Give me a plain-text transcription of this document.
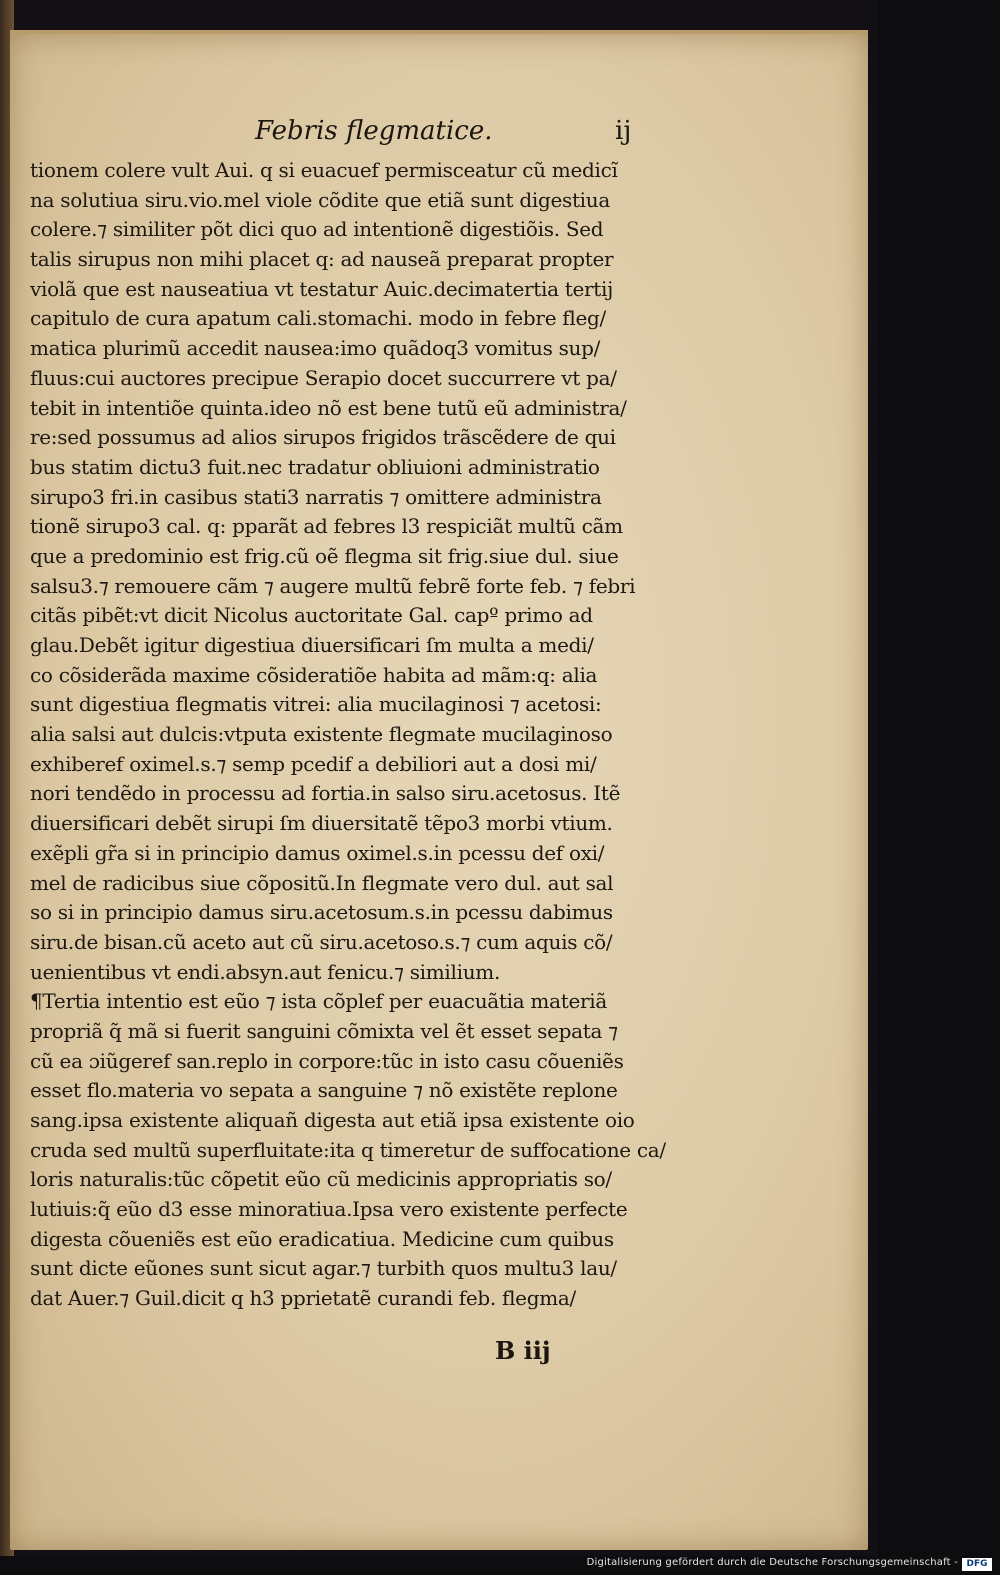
Febris flegmatice.	ij
tionem colere vult Aui. q si euacuef permisceatur cũ medicĩ
na solutiua siru.vio.mel viole cõdite que etiã sunt digestiua
colere.⁊ similiter põt dici quo ad intentionẽ digestiõis. Sed
talis sirupus non mihi placet q: ad nauseã preparat propter
violã que est nauseatiua vt testatur Auic.decimatertia tertij
capitulo de cura apatum cali.stomachi. modo in febre fleg/
matica plurimũ accedit nausea:imo quãdoq3 vomitus sup/
fluus:cui auctores precipue Serapio docet succurrere vt pa/
tebit in intentiõe quinta.ideo nõ est bene tutũ eũ administra/
re:sed possumus ad alios sirupos frigidos trãscẽdere de qui
bus statim dictu3 fuit.nec tradatur obliuioni administratio
sirupo3 fri.in casibus stati3 narratis ⁊ omittere administra
tionẽ sirupo3 cal. q: pparãt ad febres l3 respiciãt multũ cãm
que a predominio est frig.cũ oẽ flegma sit frig.siue dul. siue
salsu3.⁊ remouere cãm ⁊ augere multũ febrẽ forte feb. ⁊ febri
citãs pibẽt:vt dicit Nicolus auctoritate Gal. capº primo ad
glau.Debẽt igitur digestiua diuersificari ſm multa a medi/
co cõsiderãda maxime cõsideratiõe habita ad mãm:q: alia
sunt digestiua flegmatis vitrei: alia mucilaginosi ⁊ acetosi:
alia salsi aut dulcis:vtputa existente flegmate mucilaginoso
exhiberef oximel.s.⁊ semp pcedif a debiliori aut a dosi mi/
nori tendẽdo in processu ad fortia.in salso siru.acetosus. Itẽ
diuersificari debẽt sirupi ſm diuersitatẽ tẽpo3 morbi vtium.
exẽpli gr̃a si in principio damus oximel.s.in pcessu def oxi/
mel de radicibus siue cõpositũ.In flegmate vero dul. aut sal
so si in principio damus siru.acetosum.s.in pcessu dabimus
siru.de bisan.cũ aceto aut cũ siru.acetoso.s.⁊ cum aquis cõ/
uenientibus vt endi.absyn.aut fenicu.⁊ similium.
¶Tertia intentio est eũo ⁊ ista cõplef per euacuãtia materiã
propriã q̃ mã si fuerit sanguini cõmixta vel ẽt esset sepata ⁊
cũ ea ɔiũgeref san.replo in corpore:tũc in isto casu cõueniẽs
esset flo.materia vo sepata a sanguine ⁊ nõ existẽte replone
sang.ipsa existente aliquañ digesta aut etiã ipsa existente oio
cruda sed multũ superfluitate:ita q timeretur de suffocatione ca/
loris naturalis:tũc cõpetit eũo cũ medicinis appropriatis so/
lutiuis:q̃ eũo d3 esse minoratiua.Ipsa vero existente perfecte
digesta cõueniẽs est eũo eradicatiua. Medicine cum quibus
sunt dicte eũones sunt sicut agar.⁊ turbith quos multu3 lau/
dat Auer.⁊ Guil.dicit q h3 pprietatẽ curandi feb. flegma/
B iij
Digitalisierung gefördert durch die Deutsche Forschungsgemeinschaft - DFG
